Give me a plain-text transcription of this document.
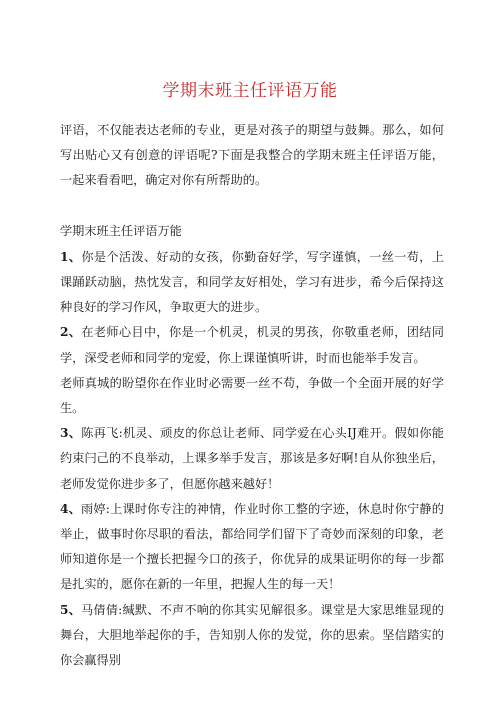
学期末班主任评语万能

评语，不仅能表达老师的专业，更是对孩子的期望与鼓舞。那么，如何写出贴心又有创意的评语呢?下面是我整合的学期末班主任评语万能，一起来看看吧，确定对你有所帮助的。

学期末班主任评语万能

1、你是个活泼、好动的女孩，你勤奋好学，写字谨慎，一丝一苟，上课踊跃动脑，热忱发言，和同学友好相处，学习有进步，希今后保持这种良好的学习作风，争取更大的进步。

2、在老师心目中，你是一个机灵，机灵的男孩，你敬重老师，团结同学，深受老师和同学的宠爱，你上课谨慎听讲，时而也能举手发言。

老师真城的盼望你在作业时必需要一丝不苟，争做一个全面开展的好学生。

3、陈再飞:机灵、顽皮的你总让老师、同学爱在心头IJ难开。假如你能约束闩己的不良举动，上课多举手发言，那该是多好啊!自从你独坐后，老师发觉你进步多了，但愿你越来越好！

4、雨婷:上课时你专注的神情，作业时你工整的字迹，休息时你宁静的举止，做事时你尽职的看法，都给同学们留下了奇妙而深刻的印象，老师知道你是一个擅长把握今口的孩子，你优异的成果证明你的每一步都是扎实的，愿你在新的一年里，把握人生的每一天！

5、马倩倩:缄默、不声不响的你其实见解很多。课堂是大家思维显现的舞台，大胆地举起你的手，告知别人你的发觉，你的思索。坚信踏实的你会赢得别
